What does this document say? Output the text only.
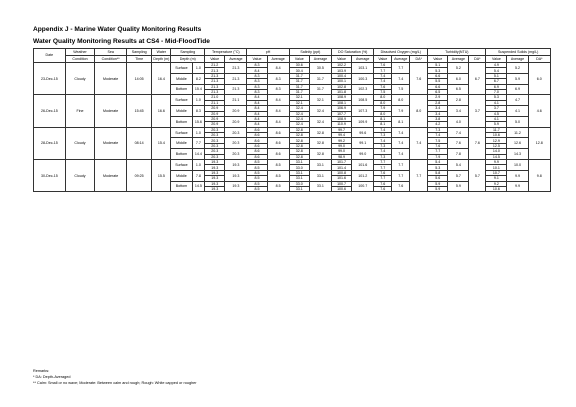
Appendix J - Marine Water Quality Monitoring Results
Water Quality Monitoring Results at CS4 - Mid-FloodTide
Date	Weather	Sea	Sampling	Water	Sampling		Temperature (°C)		pH		Salinity (ppt)		DO Saturation (%)		Dissolved Oxygen (mg/L)			Turbidity(NTU)			Suspended Solids (mg/L)		
	Condition	Condition**	Time	Depth (m)	Depth (m)		Value	Average	Value	Average	Value	Average	Value	Average	Value	Average	DA*	Value	Average	DA*	Value	Average	DA*
23-Dec-15	Cloudy	Moderate	14:05	16.4	Surface	1.0	21.2	21.3	8.3	8.4	30.6	30.5	102.2	103.1	7.6	7.7	7.6	5.1	5.2	6.7	4.9	5.2	6.0
							21.3		8.4		30.4		103.9		7.7			5.3			5.4		
					Middle	8.2	21.3	21.3	8.3	8.3	31.7	31.7	100.4	100.3	7.4	7.4		6.6	6.0		5.1	5.9	
							21.3		8.3		31.7		100.1		7.4			5.5			6.7		
					Bottom	15.4	21.3	21.3	8.3	8.3	31.7	31.7	102.8	102.3	7.6	7.5		6.6	6.5		6.9	6.9	
							21.3		8.3		31.7		101.8		7.5			6.5			7.0		
26-Dec-15	Fine	Moderate	15:45	16.6	Surface	1.0	21.0	21.1	8.4	8.4	32.1	32.1	108.9	108.5	8.0	8.0	8.0	2.9	2.8	3.7	5.3	4.7	4.6
							21.1		8.4		32.1		108.1		8.0			2.8			4.1		
					Middle	8.3	20.9	20.9	8.4	8.4	32.4	32.4	106.9	107.3	7.9	7.9		3.4	3.4		3.7	4.1	
							20.9		8.4		32.4		107.7		8.0			3.4			4.5		
					Bottom	15.6	20.9	20.9	8.4	8.4	32.4	32.4	108.9	109.9	8.1	8.1		3.8	4.0		4.1	5.0	
							20.9		8.4		32.4		110.9		8.1			4.2			5.9		
28-Dec-15	Cloudy	Moderate	08:14	15.4	Surface	1.0	20.3	20.3	8.6	8.6	32.8	32.8	99.7	99.6	7.4	7.4	7.4	7.3	7.4	7.6	11.7	11.2	12.8
							20.3		8.6		32.8		99.4		7.3			7.4			10.6		
					Middle	7.7	20.3	20.3	8.6	8.6	32.8	32.8	99.2	99.1	7.4	7.4		7.5	7.6		12.9	12.6	
							20.3		8.6		32.8		99.0		7.3			7.6			12.5		
					Bottom	14.4	20.3	20.3	8.6	8.6	32.8	32.8	99.0	99.0	7.4	7.4		7.7	7.8		14.0	14.3	
							20.3		8.6		32.8		98.9		7.3			7.9			14.5		
30-Dec-15	Cloudy	Moderate	09:25	15.5	Surface	1.0	19.3	19.3	8.5	8.5	33.1	33.1	101.7	101.6	7.7	7.7	7.7	5.4	5.4	5.7	9.9	10.0	9.8
							19.3		8.5		33.0		101.4		7.7			5.3			10.1		
					Middle	7.8	19.3	19.3	8.5	8.5	33.1	33.1	100.8	101.2	7.6	7.7		5.8	5.7		10.7	9.9	
							19.3		8.5		33.1		101.6		7.7			5.6			9.1		
					Bottom	14.5	19.3	19.3	8.5	8.5	33.0	33.1	100.7	100.7	7.6	7.6		5.9	5.9		9.2	9.9	
							19.3		8.5		33.1		100.6		7.6			5.9			10.6		
Remarks:
* DA: Depth-Averaged
** Calm: Small or no wave; Moderate: Between calm and rough; Rough: White capped or rougher
